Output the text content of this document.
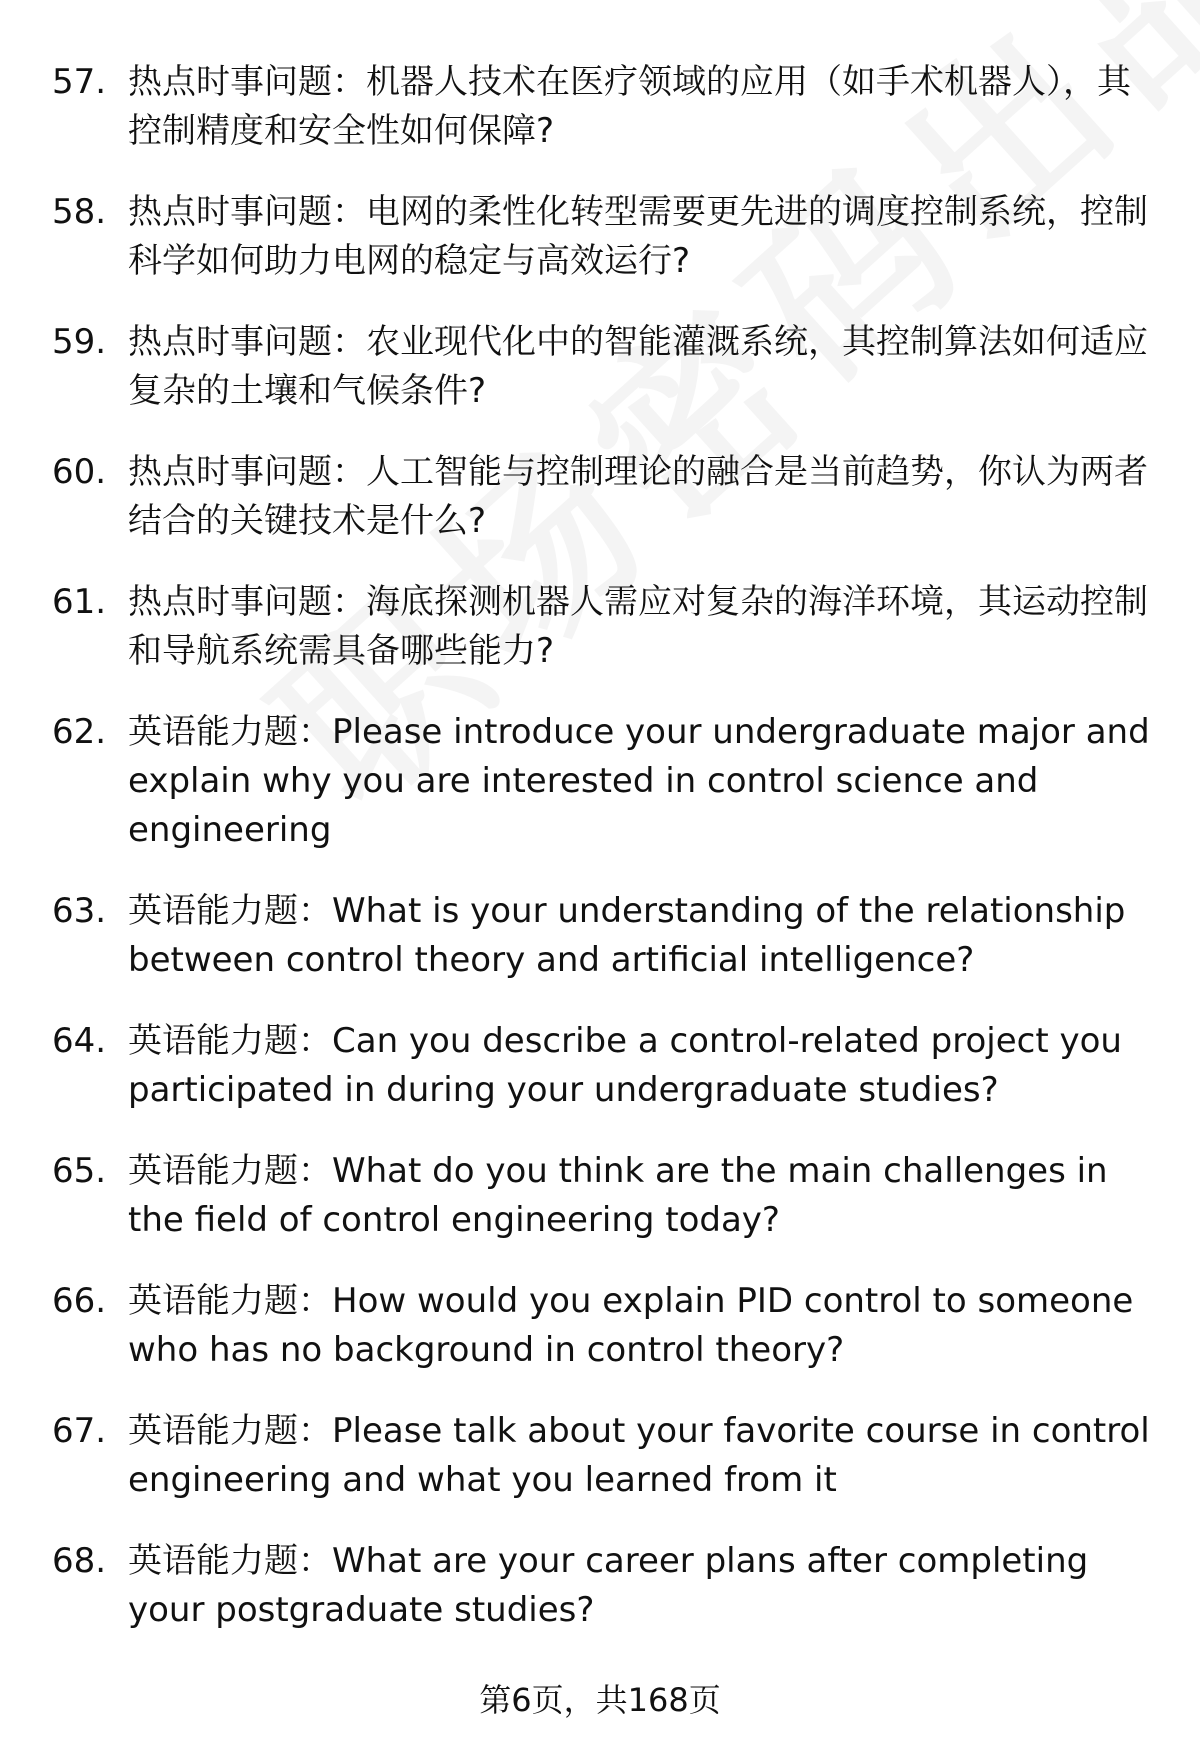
57. 热点时事问题：机器人技术在医疗领域的应用（如手术机器人），其控制精度和安全性如何保障?
58. 热点时事问题：电网的柔性化转型需要更先进的调度控制系统，控制科学如何助力电网的稳定与高效运行?
59. 热点时事问题：农业现代化中的智能灌溉系统，其控制算法如何适应复杂的土壤和气候条件?
60. 热点时事问题：人工智能与控制理论的融合是当前趋势，你认为两者结合的关键技术是什么?
61. 热点时事问题：海底探测机器人需应对复杂的海洋环境，其运动控制和导航系统需具备哪些能力?
62. 英语能力题：Please introduce your undergraduate major and explain why you are interested in control science and engineering
63. 英语能力题：What is your understanding of the relationship between control theory and artificial intelligence?
64. 英语能力题：Can you describe a control-related project you participated in during your undergraduate studies?
65. 英语能力题：What do you think are the main challenges in the field of control engineering today?
66. 英语能力题：How would you explain PID control to someone who has no background in control theory?
67. 英语能力题：Please talk about your favorite course in control engineering and what you learned from it
68. 英语能力题：What are your career plans after completing your postgraduate studies?
第6页，共168页
